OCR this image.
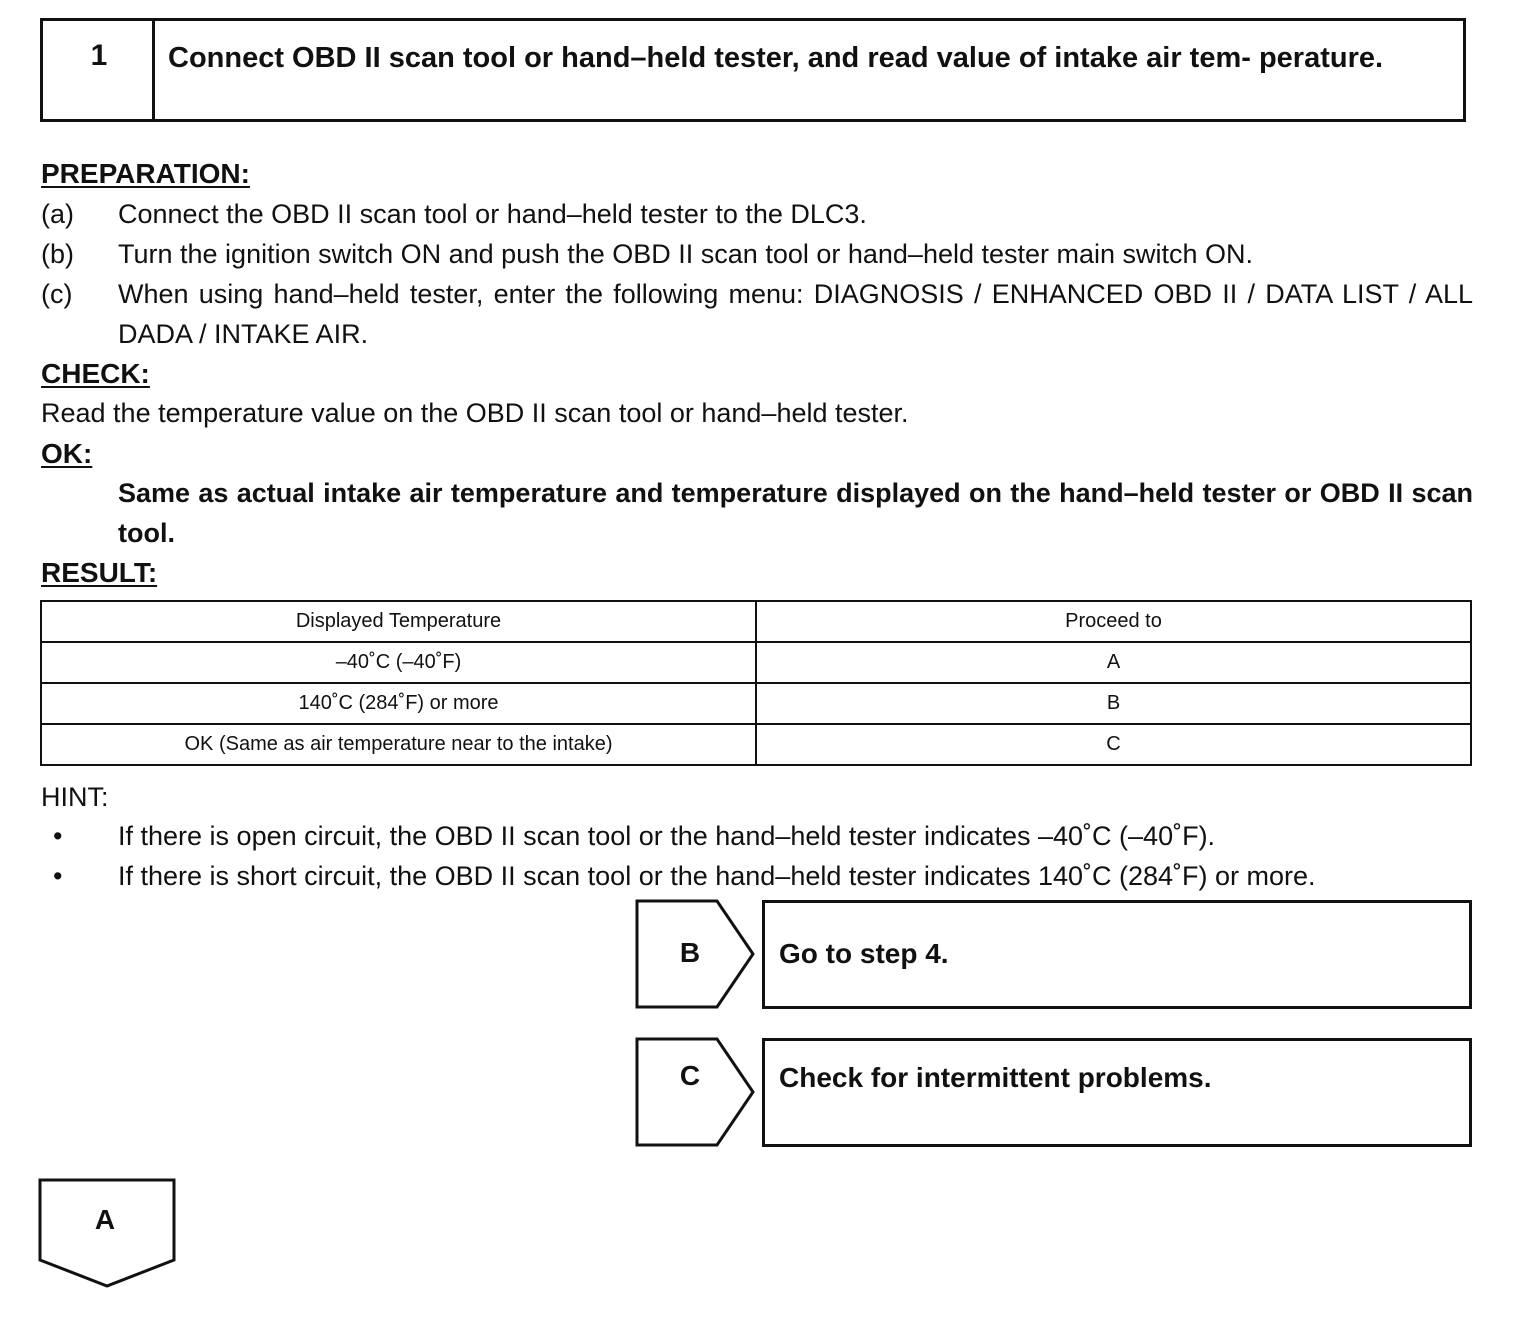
1	Connect OBD II scan tool or hand–held tester, and read value of intake air tem- perature.
PREPARATION:
(a) Connect the OBD II scan tool or hand–held tester to the DLC3.
(b) Turn the ignition switch ON and push the OBD II scan tool or hand–held tester main switch ON.
(c) When using hand–held tester, enter the following menu: DIAGNOSIS / ENHANCED OBD II / DATA LIST / ALL DADA / INTAKE AIR.
CHECK:
Read the temperature value on the OBD II scan tool or hand–held tester.
OK:
Same as actual intake air temperature and temperature displayed on the hand–held tester or OBD II scan tool.
RESULT:
Displayed Temperature	Proceed to
–40˚C (–40˚F)	A
140˚C (284˚F) or more	B
OK (Same as air temperature near to the intake)	C
HINT:
• If there is open circuit, the OBD II scan tool or the hand–held tester indicates –40˚C (–40˚F).
• If there is short circuit, the OBD II scan tool or the hand–held tester indicates 140˚C (284˚F) or more.
B	Go to step 4.
C	Check for intermittent problems.
A
